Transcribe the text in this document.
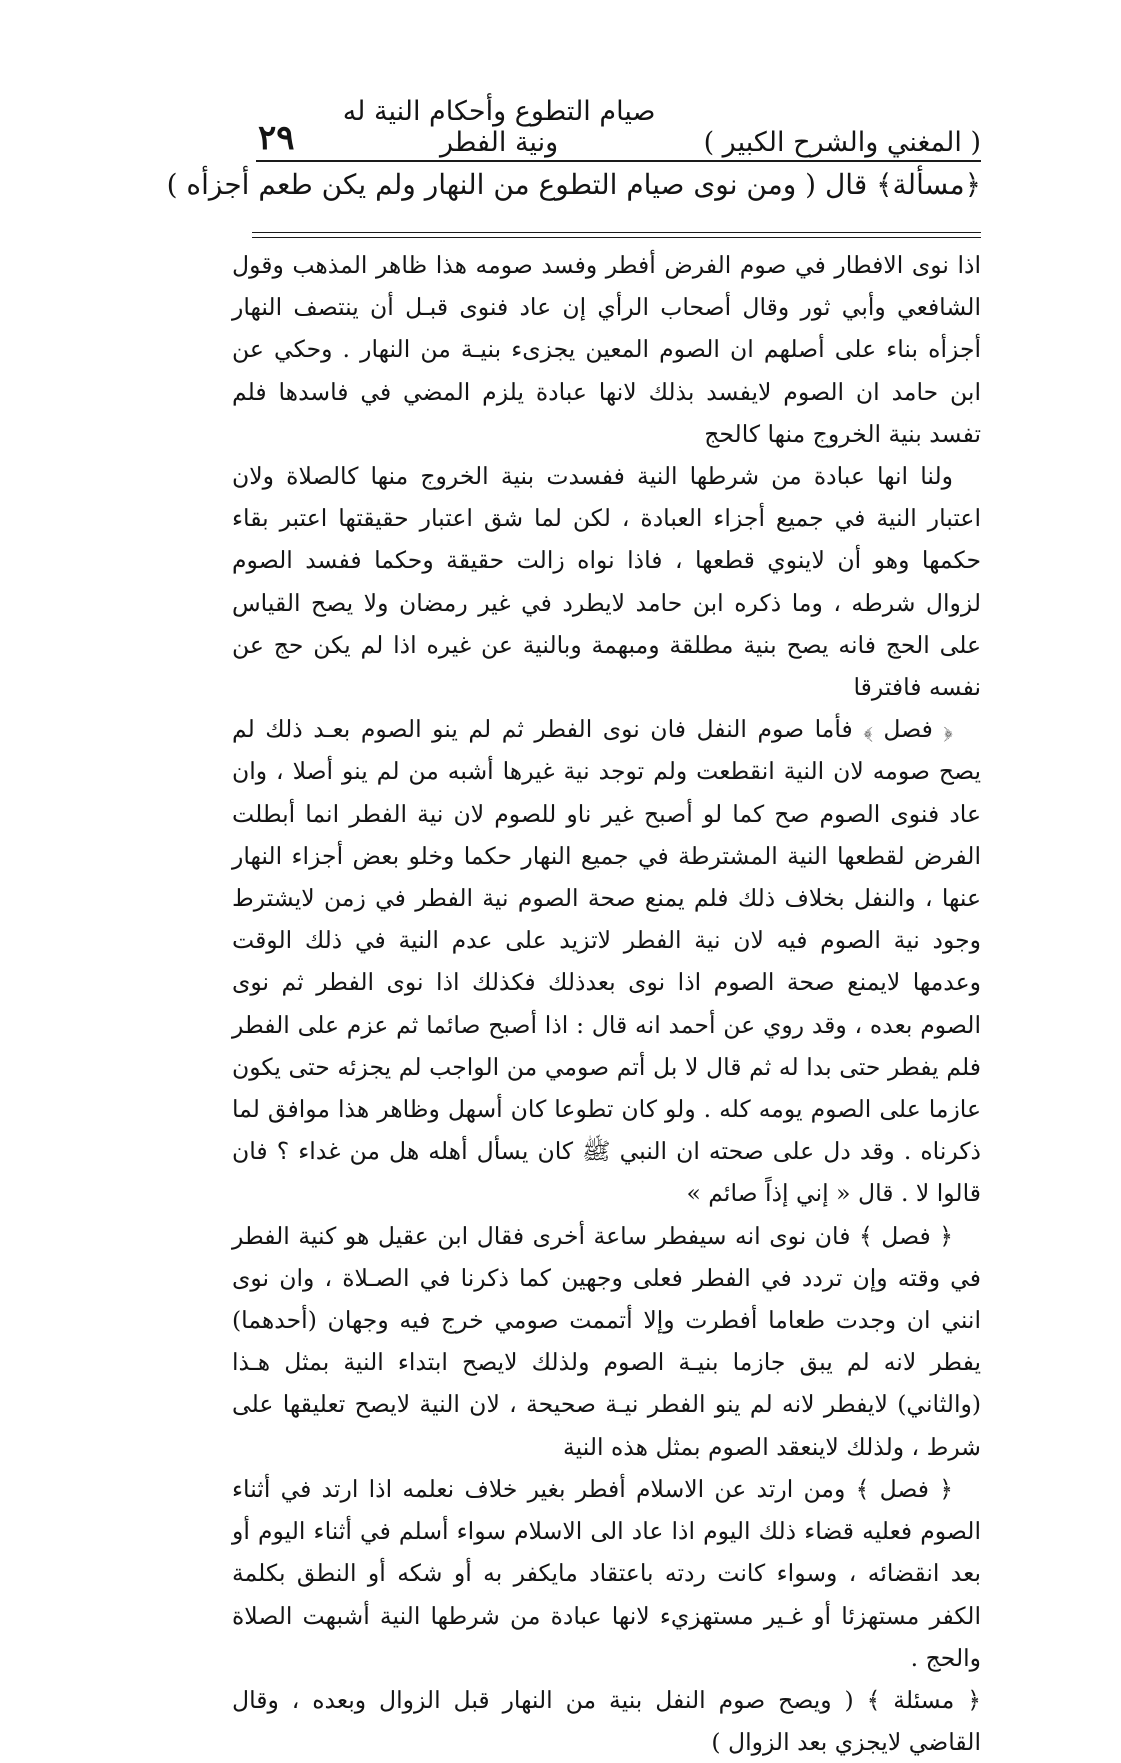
( المغني والشرح الكبير )
صيام التطوع وأحكام النية له ونية الفطر
٢٩
﴿مسألة﴾ قال ( ومن نوى صيام التطوع من النهار ولم يكن طعم أجزأه )

اذا نوى الافطار في صوم الفرض أفطر وفسد صومه هذا ظاهر المذهب وقول الشافعي وأبي ثور وقال أصحاب الرأي إن عاد فنوى قبـل أن ينتصف النهار أجزأه بناء على أصلهم ان الصوم المعين يجزىء بنيـة من النهار . وحكي عن ابن حامد ان الصوم لايفسد بذلك لانها عبادة يلزم المضي في فاسدها فلم تفسد بنية الخروج منها كالحج

ولنا انها عبادة من شرطها النية ففسدت بنية الخروج منها كالصلاة ولان اعتبار النية في جميع أجزاء العبادة ، لكن لما شق اعتبار حقيقتها اعتبر بقاء حكمها وهو أن لاينوي قطعها ، فاذا نواه زالت حقيقة وحكما ففسد الصوم لزوال شرطه ، وما ذكره ابن حامد لايطرد في غير رمضان ولا يصح القياس على الحج فانه يصح بنية مطلقة ومبهمة وبالنية عن غيره اذا لم يكن حج عن نفسه فافترقا

﴿ فصل ﴾ فأما صوم النفل فان نوى الفطر ثم لم ينو الصوم بعـد ذلك لم يصح صومه لان النية انقطعت ولم توجد نية غيرها أشبه من لم ينو أصلا ، وان عاد فنوى الصوم صح كما لو أصبح غير ناو للصوم لان نية الفطر انما أبطلت الفرض لقطعها النية المشترطة في جميع النهار حكما وخلو بعض أجزاء النهار عنها ، والنفل بخلاف ذلك فلم يمنع صحة الصوم نية الفطر في زمن لايشترط وجود نية الصوم فيه لان نية الفطر لاتزيد على عدم النية في ذلك الوقت وعدمها لايمنع صحة الصوم اذا نوى بعدذلك فكذلك اذا نوى الفطر ثم نوى الصوم بعده ، وقد روي عن أحمد انه قال : اذا أصبح صائما ثم عزم على الفطر فلم يفطر حتى بدا له ثم قال لا بل أتم صومي من الواجب لم يجزئه حتى يكون عازما على الصوم يومه كله . ولو كان تطوعا كان أسهل وظاهر هذا موافق لما ذكرناه . وقد دل على صحته ان النبي ﷺ كان يسأل أهله هل من غداء ؟ فان قالوا لا . قال « إني إذاً صائم »

﴿ فصل ﴾ فان نوى انه سيفطر ساعة أخرى فقال ابن عقيل هو كنية الفطر في وقته وإن تردد في الفطر فعلى وجهين كما ذكرنا في الصـلاة ، وان نوى انني ان وجدت طعاما أفطرت وإلا أتممت صومي خرج فيه وجهان (أحدهما) يفطر لانه لم يبق جازما بنيـة الصوم ولذلك لايصح ابتداء النية بمثل هـذا (والثاني) لايفطر لانه لم ينو الفطر نيـة صحيحة ، لان النية لايصح تعليقها على شرط ، ولذلك لاينعقد الصوم بمثل هذه النية

﴿ فصل ﴾ ومن ارتد عن الاسلام أفطر بغير خلاف نعلمه اذا ارتد في أثناء الصوم فعليه قضاء ذلك اليوم اذا عاد الى الاسلام سواء أسلم في أثناء اليوم أو بعد انقضائه ، وسواء كانت ردته باعتقاد مايكفر به أو شكه أو النطق بكلمة الكفر مستهزئا أو غـير مستهزيء لانها عبادة من شرطها النية أشبهت الصلاة والحج .

﴿ مسئلة ﴾ ( ويصح صوم النفل بنية من النهار قبل الزوال وبعده ، وقال القاضي لايجزي بعد الزوال )
